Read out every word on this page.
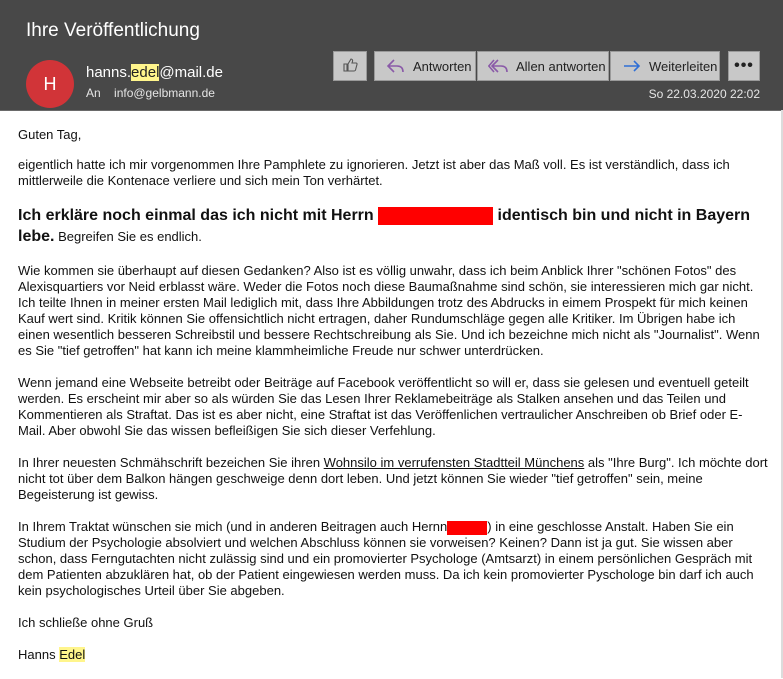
Ihre Veröffentlichung
H
hanns.edel@mail.de
An info@gelbmann.de
Antworten	Allen antworten	Weiterleiten •••
So 22.03.2020 22:02

Guten Tag,

eigentlich hatte ich mir vorgenommen Ihre Pamphlete zu ignorieren. Jetzt ist aber das Maß voll. Es ist verständlich, dass ich mittlerweile die Kontenace verliere und sich mein Ton verhärtet.

Ich erkläre noch einmal das ich nicht mit Herrn	identisch bin und nicht in Bayern lebe. Begreifen Sie es endlich.

Wie kommen sie überhaupt auf diesen Gedanken? Also ist es völlig unwahr, dass ich beim Anblick Ihrer "schönen Fotos" des Alexisquartiers vor Neid erblasst wäre. Weder die Fotos noch diese Baumaßnahme sind schön, sie interessieren mich gar nicht. Ich teilte Ihnen in meiner ersten Mail lediglich mit, dass Ihre Abbildungen trotz des Abdrucks in eimem Prospekt für mich keinen Kauf wert sind. Kritik können Sie offensichtlich nicht ertragen, daher Rundumschläge gegen alle Kritiker. Im Übrigen habe ich einen wesentlich besseren Schreibstil und bessere Rechtschreibung als Sie. Und ich bezeichne mich nicht als "Journalist". Wenn es Sie "tief getroffen" hat kann ich meine klammheimliche Freude nur schwer unterdrücken.

Wenn jemand eine Webseite betreibt oder Beiträge auf Facebook veröffentlicht so will er, dass sie gelesen und eventuell geteilt werden. Es erscheint mir aber so als würden Sie das Lesen Ihrer Reklamebeiträge als Stalken ansehen und das Teilen und Kommentieren als Straftat. Das ist es aber nicht, eine Straftat ist das Veröffenlichen vertraulicher Anschreiben ob Brief oder E-Mail. Aber obwohl Sie das wissen befleißigen Sie sich dieser Verfehlung.

In Ihrer neuesten Schmähschrift bezeichen Sie ihren Wohnsilo im verrufensten Stadtteil Münchens als "Ihre Burg". Ich möchte dort nicht tot über dem Balkon hängen geschweige denn dort leben. Und jetzt können Sie wieder "tief getroffen" sein, meine Begeisterung ist gewiss.

In Ihrem Traktat wünschen sie mich (und in anderen Beitragen auch Hernn	) in eine geschlosse Anstalt. Haben Sie ein Studium der Psychologie absolviert und welchen Abschluss können sie vorweisen? Keinen? Dann ist ja gut. Sie wissen aber schon, dass Ferngutachten nicht zulässig sind und ein promovierter Psychologe (Amtsarzt) in einem persönlichen Gespräch mit dem Patienten abzuklären hat, ob der Patient eingewiesen werden muss. Da ich kein promovierter Pyschologe bin darf ich auch kein psychologisches Urteil über Sie abgeben.

Ich schließe ohne Gruß

Hanns Edel
